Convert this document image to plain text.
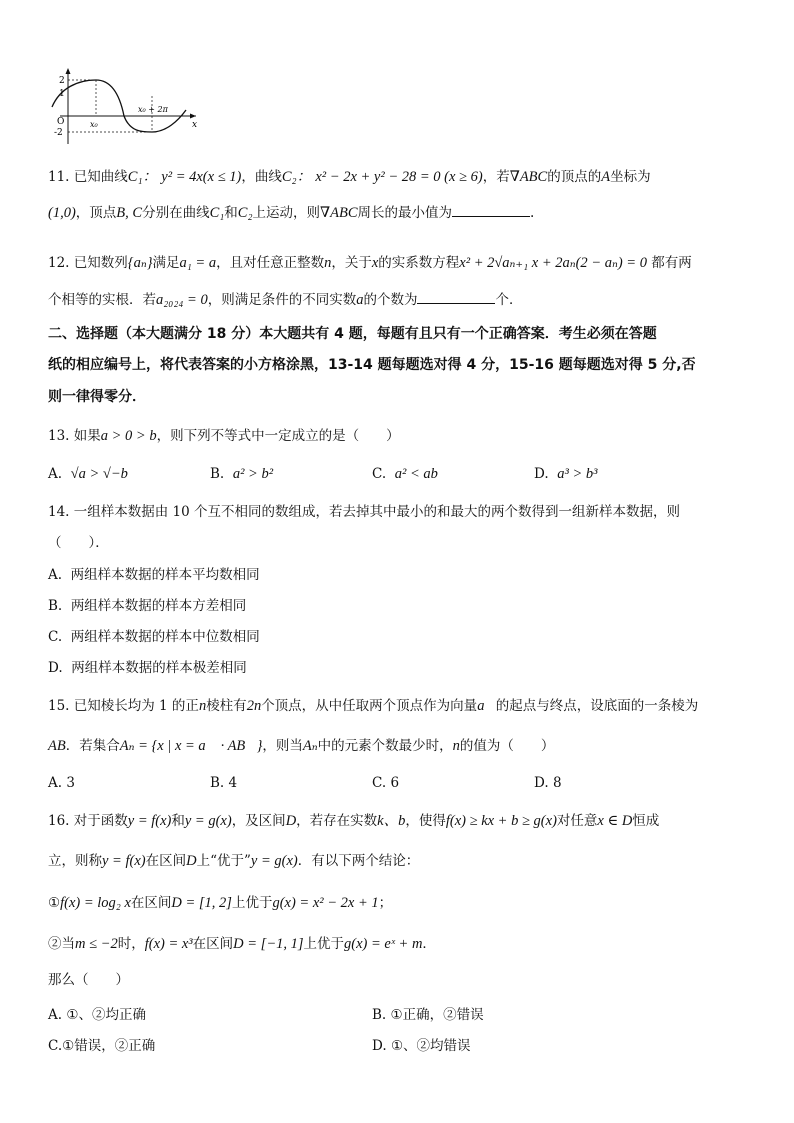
2
1
-2
O	x₀
x₀ + 2π
x
11. 已知曲线C₁： y² = 4x(x ≤ 1)，曲线C₂： x² − 2x + y² − 28 = 0 (x ≥ 6)，若∇ABC的顶点的A坐标为
(1,0)，顶点B, C分别在曲线C₁和C₂上运动，则∇ABC周长的最小值为	.
12. 已知数列{aₙ}满足a₁ = a，且对任意正整数n，关于x的实系数方程x² + 2√aₙ₊₁ x + 2aₙ(2 − aₙ) = 0 都有两
个相等的实根．若a₂₀₂₄ = 0，则满足条件的不同实数a的个数为	个．
二、选择题（本大题满分 18 分）本大题共有 4 题，每题有且只有一个正确答案．考生必须在答题
纸的相应编号上，将代表答案的小方格涂黑，13-14 题每题选对得 4 分，15-16 题每题选对得 5 分,否
则一律得零分．
13. 如果a > 0 > b，则下列不等式中一定成立的是（　　）
A. √a > √−b	B. a² > b²	C. a² < ab	D. a³ > b³
14. 一组样本数据由 10 个互不相同的数组成，若去掉其中最小的和最大的两个数得到一组新样本数据，则
（　　）．
A. 两组样本数据的样本平均数相同
B. 两组样本数据的样本方差相同
C. 两组样本数据的样本中位数相同
D. 两组样本数据的样本极差相同
15. 已知棱长均为 1 的正n棱柱有2n个顶点，从中任取两个顶点作为向量a⃗的起点与终点，设底面的一条棱为
AB．若集合Aₙ = {x | x = a⃗ · AB⃗}，则当Aₙ中的元素个数最少时，n的值为（　　）
A. 3	B. 4	C. 6	D. 8
16. 对于函数y = f(x)和y = g(x)，及区间D，若存在实数k、b，使得f(x) ≥ kx + b ≥ g(x)对任意x ∈ D恒成
立，则称y = f(x)在区间D上“优于”y = g(x)．有以下两个结论：
①f(x) = log₂ x在区间D = [1, 2]上优于g(x) = x² − 2x + 1；
②当m ≤ −2时，f(x) = x³在区间D = [−1, 1]上优于g(x) = eˣ + m．
那么（　　）
A. ①、②均正确	B. ①正确，②错误
C.①错误，②正确	D. ①、②均错误
